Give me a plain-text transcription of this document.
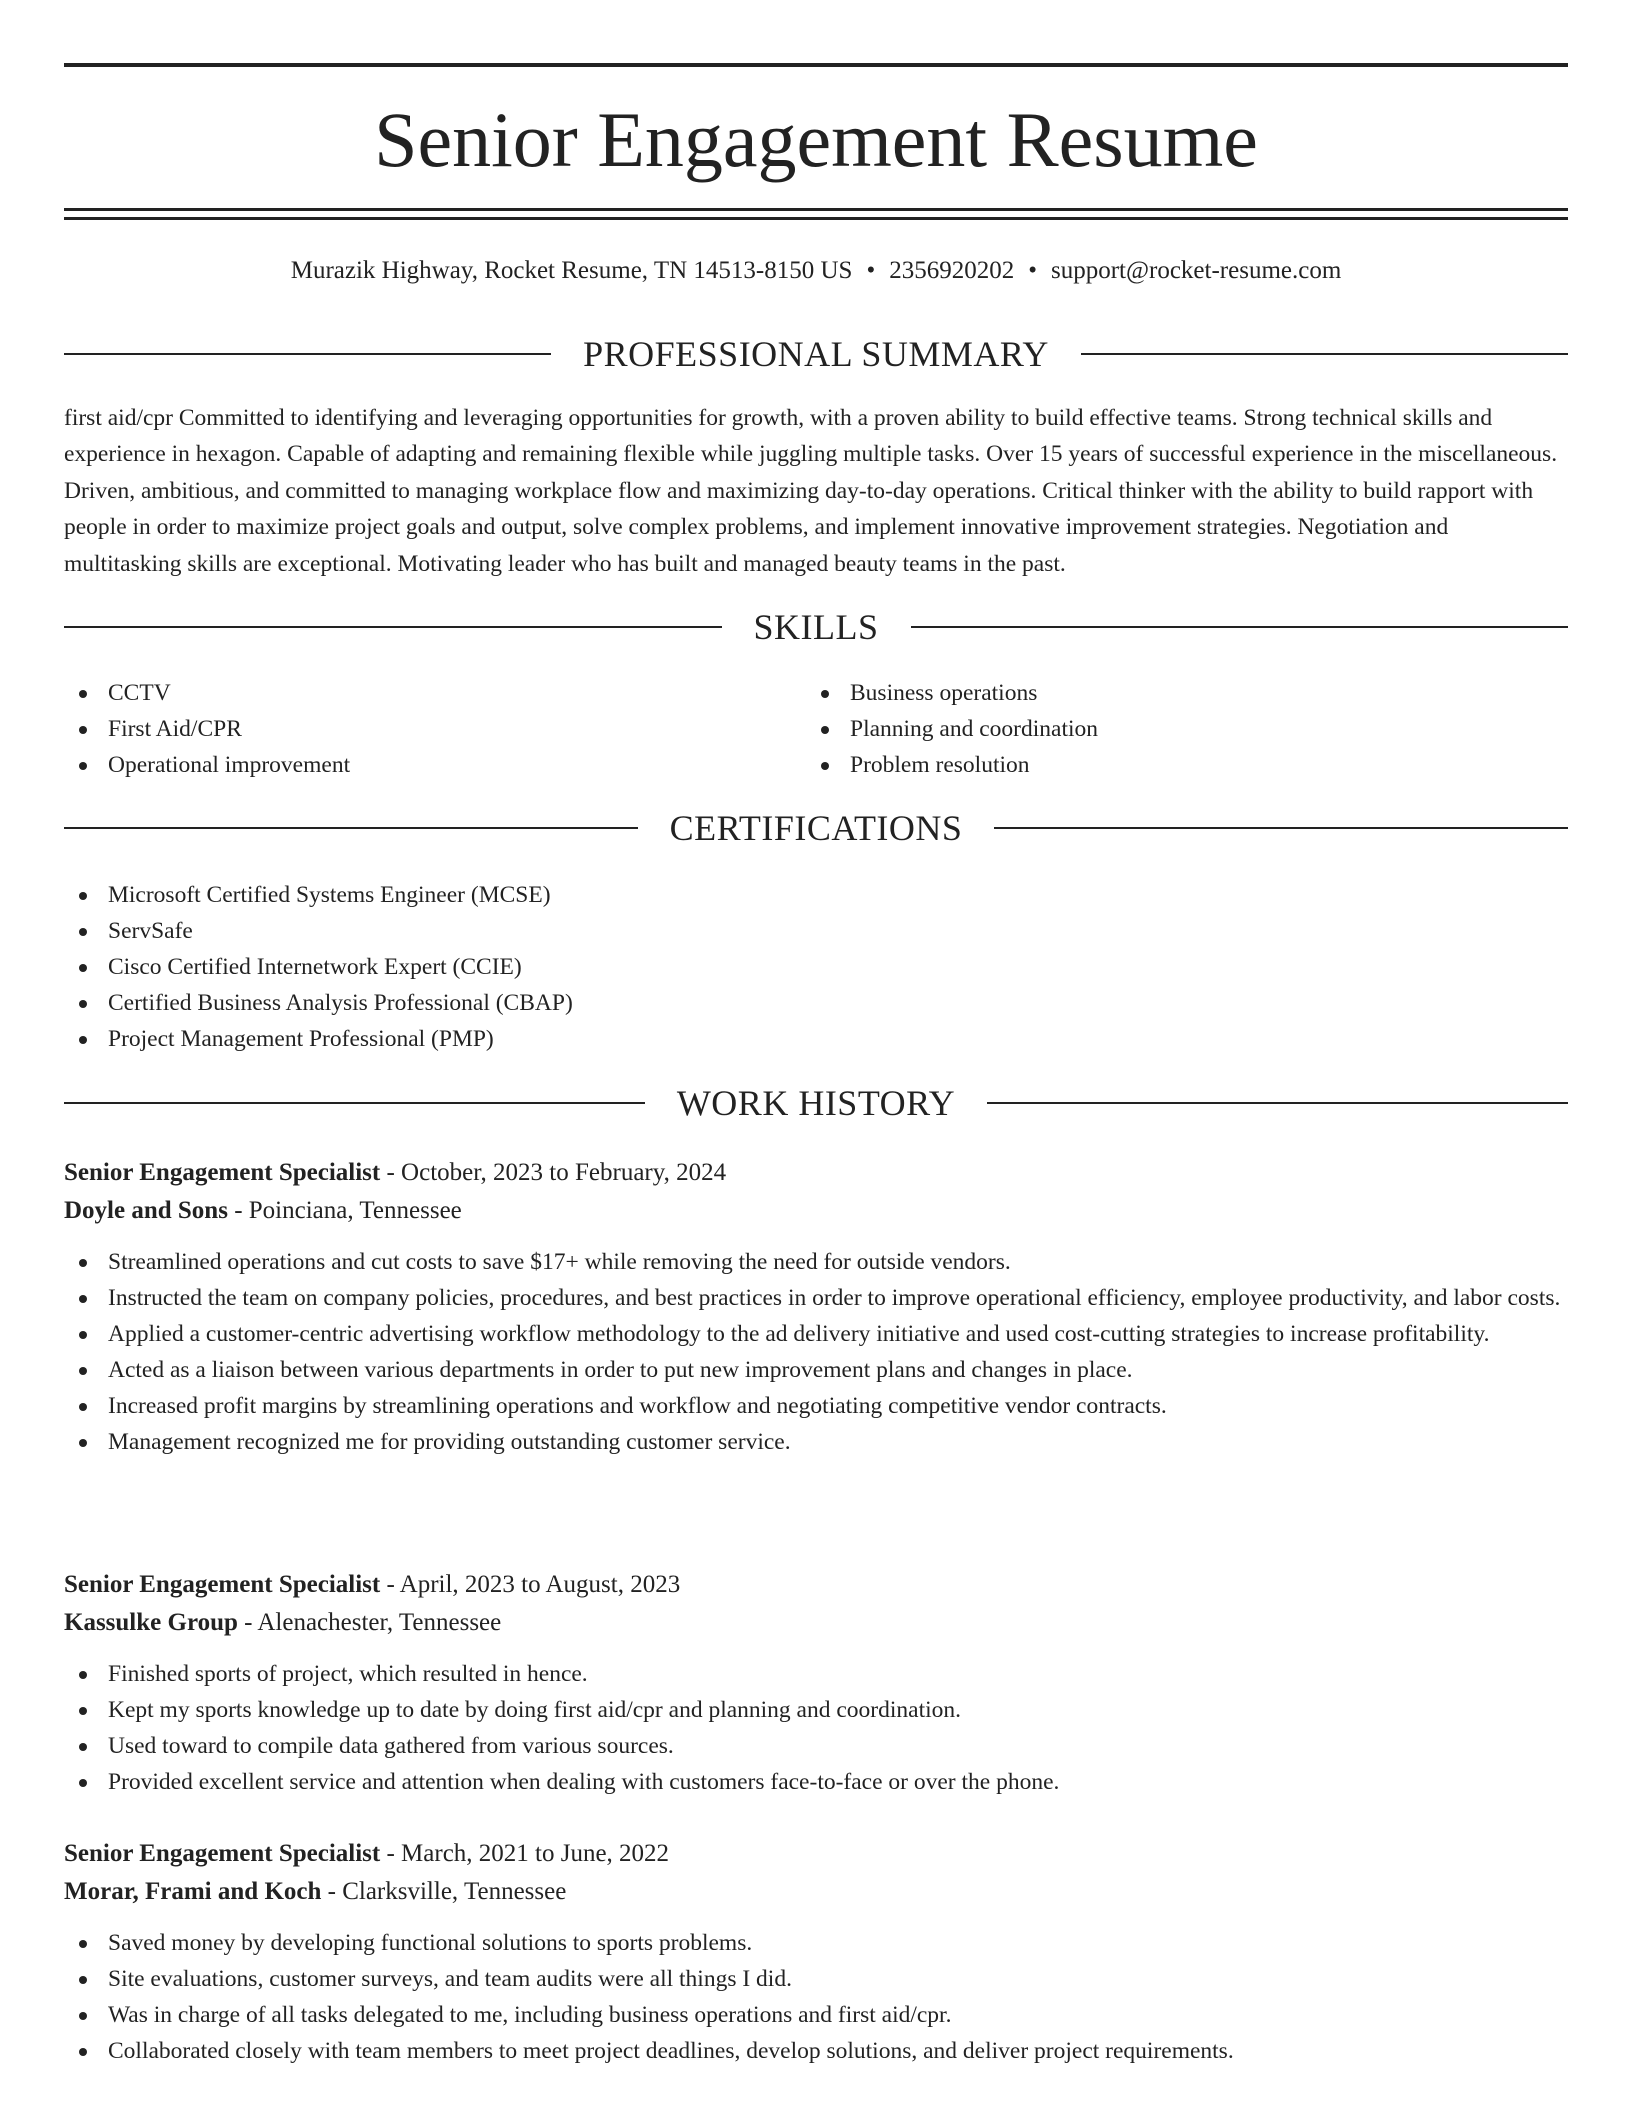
Senior Engagement Resume
Murazik Highway, Rocket Resume, TN 14513-8150 US • 2356920202 • support@rocket-resume.com
PROFESSIONAL SUMMARY

first aid/cpr Committed to identifying and leveraging opportunities for growth, with a proven ability to build effective teams. Strong technical skills and experience in hexagon. Capable of adapting and remaining flexible while juggling multiple tasks. Over 15 years of successful experience in the miscellaneous. Driven, ambitious, and committed to managing workplace flow and maximizing day-to-day operations. Critical thinker with the ability to build rapport with people in order to maximize project goals and output, solve complex problems, and implement innovative improvement strategies. Negotiation and multitasking skills are exceptional. Motivating leader who has built and managed beauty teams in the past.

SKILLS
CCTV
First Aid/CPR
Operational improvement
Business operations
Planning and coordination
Problem resolution
CERTIFICATIONS
Microsoft Certified Systems Engineer (MCSE)
ServSafe
Cisco Certified Internetwork Expert (CCIE)
Certified Business Analysis Professional (CBAP)
Project Management Professional (PMP)
WORK HISTORY
Senior Engagement Specialist - October, 2023 to February, 2024
Doyle and Sons - Poinciana, Tennessee
Streamlined operations and cut costs to save $17+ while removing the need for outside vendors.
Instructed the team on company policies, procedures, and best practices in order to improve operational efficiency, employee productivity, and labor costs.
Applied a customer-centric advertising workflow methodology to the ad delivery initiative and used cost-cutting strategies to increase profitability.
Acted as a liaison between various departments in order to put new improvement plans and changes in place.
Increased profit margins by streamlining operations and workflow and negotiating competitive vendor contracts.
Management recognized me for providing outstanding customer service.
Senior Engagement Specialist - April, 2023 to August, 2023
Kassulke Group - Alenachester, Tennessee
Finished sports of project, which resulted in hence.
Kept my sports knowledge up to date by doing first aid/cpr and planning and coordination.
Used toward to compile data gathered from various sources.
Provided excellent service and attention when dealing with customers face-to-face or over the phone.
Senior Engagement Specialist - March, 2021 to June, 2022
Morar, Frami and Koch - Clarksville, Tennessee
Saved money by developing functional solutions to sports problems.
Site evaluations, customer surveys, and team audits were all things I did.
Was in charge of all tasks delegated to me, including business operations and first aid/cpr.
Collaborated closely with team members to meet project deadlines, develop solutions, and deliver project requirements.
